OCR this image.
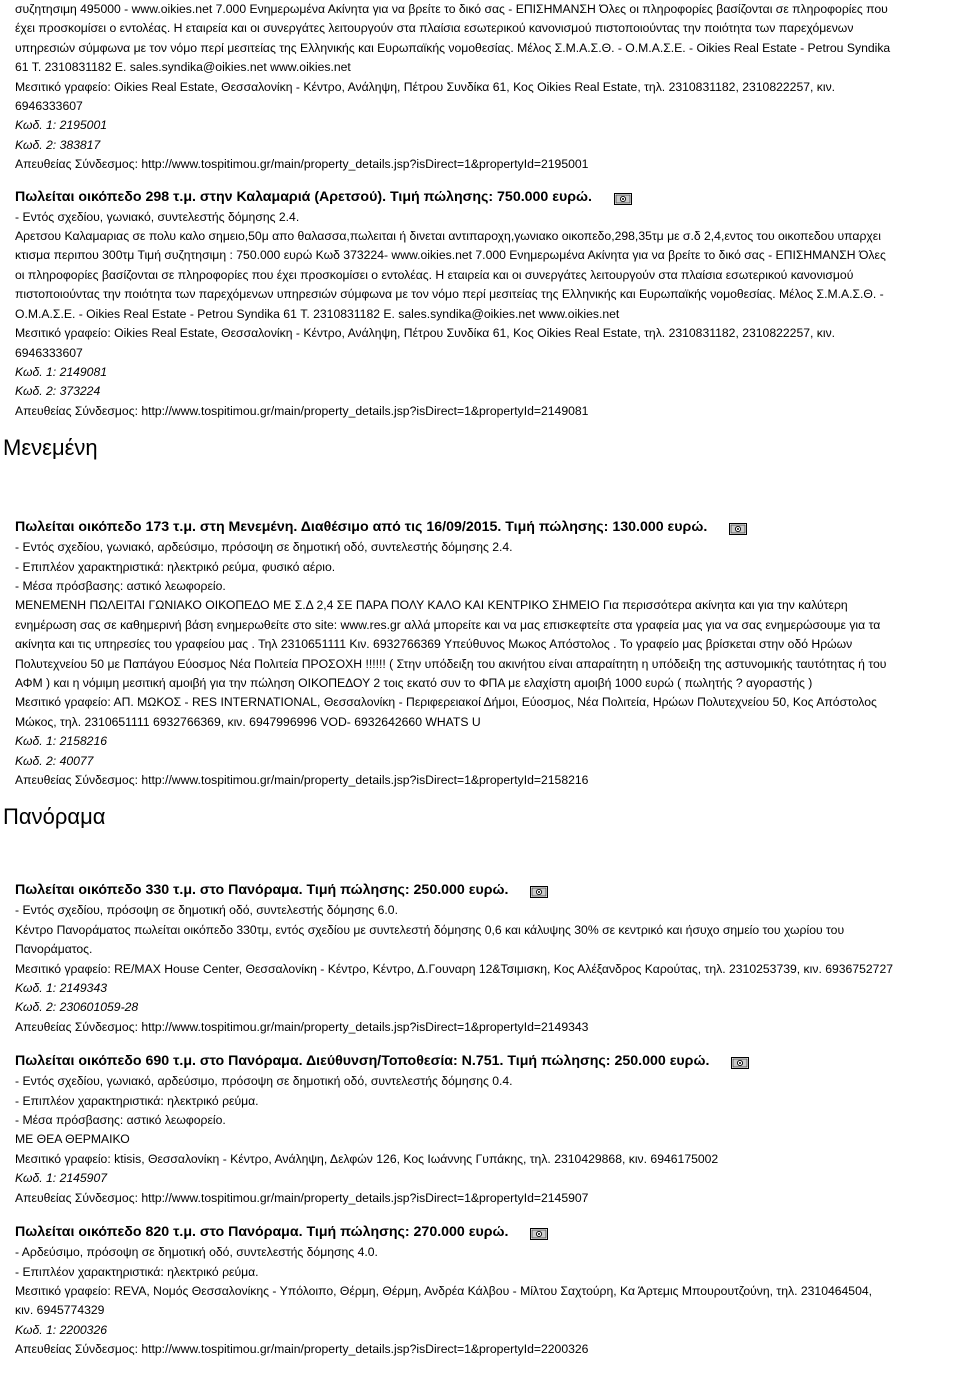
συζητησιμη 495000 - www.oikies.net 7.000 Ενημερωμένα Ακίνητα για να βρείτε το δικό σας - ΕΠΙΣΗΜΑΝΣΗ Όλες οι πληροφορίες βασίζονται σε πληροφορίες που
έχει προσκομίσει ο εντολέας. Η εταιρεία και οι συνεργάτες λειτουργούν στα πλαίσια εσωτερικού κανονισμού πιστοποιούντας την ποιότητα των παρεχόμενων
υπηρεσιών σύμφωνα με τον νόμο περί μεσιτείας της Ελληνικής και Ευρωπαϊκής νομοθεσίας. Μέλος Σ.Μ.Α.Σ.Θ. - Ο.Μ.Α.Σ.Ε. - Oikies Real Estate - Petrou Syndika
61 Τ. 2310831182 E. sales.syndika@oikies.net www.oikies.net
Μεσιτικό γραφείο: Oikies Real Estate, Θεσσαλονίκη - Κέντρο, Ανάληψη, Πέτρου Συνδίκα 61, Κος Oikies Real Estate, τηλ. 2310831182, 2310822257, κιν.
6946333607
Κωδ. 1: 2195001
Κωδ. 2: 383817
Απευθείας Σύνδεσμος: http://www.tospitimou.gr/main/property_details.jsp?isDirect=1&propertyId=2195001
Πωλείται οικόπεδο 298 τ.μ. στην Καλαμαριά (Αρετσού). Τιμή πώλησης: 750.000 ευρώ.
- Εντός σχεδίου, γωνιακό, συντελεστής δόμησης 2.4.
Αρετσου Καλαμαριας σε πολυ καλο σημειο,50μ απο θαλασσα,πωλειται ή δινεται αντιπαροχη,γωνιακο οικοπεδο,298,35τμ με σ.δ 2,4,εντος του οικοπεδου υπαρχει
κτισμα περιπου 300τμ Τιμή συζητησιμη : 750.000 ευρώ Κωδ 373224- www.oikies.net 7.000 Ενημερωμένα Ακίνητα για να βρείτε το δικό σας - ΕΠΙΣΗΜΑΝΣΗ Όλες
οι πληροφορίες βασίζονται σε πληροφορίες που έχει προσκομίσει ο εντολέας. Η εταιρεία και οι συνεργάτες λειτουργούν στα πλαίσια εσωτερικού κανονισμού
πιστοποιούντας την ποιότητα των παρεχόμενων υπηρεσιών σύμφωνα με τον νόμο περί μεσιτείας της Ελληνικής και Ευρωπαϊκής νομοθεσίας. Μέλος Σ.Μ.Α.Σ.Θ. -
Ο.Μ.Α.Σ.Ε. - Oikies Real Estate - Petrou Syndika 61 Τ. 2310831182 E. sales.syndika@oikies.net www.oikies.net
Μεσιτικό γραφείο: Oikies Real Estate, Θεσσαλονίκη - Κέντρο, Ανάληψη, Πέτρου Συνδίκα 61, Κος Oikies Real Estate, τηλ. 2310831182, 2310822257, κιν.
6946333607
Κωδ. 1: 2149081
Κωδ. 2: 373224
Απευθείας Σύνδεσμος: http://www.tospitimou.gr/main/property_details.jsp?isDirect=1&propertyId=2149081
Μενεμένη
Πωλείται οικόπεδο 173 τ.μ. στη Μενεμένη. Διαθέσιμο από τις 16/09/2015. Τιμή πώλησης: 130.000 ευρώ.
- Εντός σχεδίου, γωνιακό, αρδεύσιμο, πρόσοψη σε δημοτική οδό, συντελεστής δόμησης 2.4.
- Επιπλέον χαρακτηριστικά: ηλεκτρικό ρεύμα, φυσικό αέριο.
- Μέσα πρόσβασης: αστικό λεωφορείο.
ΜΕΝΕΜΕΝΗ ΠΩΛΕΙΤΑΙ ΓΩΝΙΑΚΟ ΟΙΚΟΠΕΔΟ ΜΕ Σ.Δ 2,4 ΣΕ ΠΑΡΑ ΠΟΛΥ ΚΑΛΟ ΚΑΙ ΚΕΝΤΡΙΚΟ ΣΗΜΕΙΟ Για περισσότερα ακίνητα και για την καλύτερη
ενημέρωση σας σε καθημερινή βάση ενημερωθείτε στο site: www.res.gr αλλά μπορείτε και να μας επισκεφτείτε στα γραφεία μας για να σας ενημερώσουμε για τα
ακίνητα και τις υπηρεσίες του γραφείου μας . Τηλ 2310651111 Κιν. 6932766369 Υπεύθυνος Μωκος Απόστολος . Το γραφείο μας βρίσκεται στην οδό Ηρώων
Πολυτεχνείου 50 με Παπάγου Εύοσμος Νέα Πολιτεία ΠΡΟΣΟΧΗ !!!!!! ( Στην υπόδειξη του ακινήτου είναι απαραίτητη η υπόδειξη της αστυνομικής ταυτότητας ή του
ΑΦΜ ) και η νόμιμη μεσιτική αμοιβή για την πώληση ΟΙΚΟΠΕΔΟΥ 2 τοις εκατό συν το ΦΠΑ με ελαχίστη αμοιβή 1000 ευρώ ( πωλητής ? αγοραστής )
Μεσιτικό γραφείο: ΑΠ. ΜΩΚΟΣ - RES INTERNATIONAL, Θεσσαλονίκη - Περιφερειακοί Δήμοι, Εύοσμος, Νέα Πολιτεία, Ηρώων Πολυτεχνείου 50, Κος Απόστολος
Μώκος, τηλ. 2310651111 6932766369, κιν. 6947996996 VOD- 6932642660 WHATS U
Κωδ. 1: 2158216
Κωδ. 2: 40077
Απευθείας Σύνδεσμος: http://www.tospitimou.gr/main/property_details.jsp?isDirect=1&propertyId=2158216
Πανόραμα
Πωλείται οικόπεδο 330 τ.μ. στο Πανόραμα. Τιμή πώλησης: 250.000 ευρώ.
- Εντός σχεδίου, πρόσοψη σε δημοτική οδό, συντελεστής δόμησης 6.0.
Κέντρο Πανοράματος πωλείται οικόπεδο 330τμ, εντός σχεδίου με συντελεστή δόμησης 0,6 και κάλυψης 30% σε κεντρικό και ήσυχο σημείο του χωρίου του
Πανοράματος.
Μεσιτικό γραφείο: RE/MAX House Center, Θεσσαλονίκη - Κέντρο, Κέντρο, Δ.Γουναρη 12&Τσιμισκη, Κος Αλέξανδρος Καρούτας, τηλ. 2310253739, κιν. 6936752727
Κωδ. 1: 2149343
Κωδ. 2: 230601059-28
Απευθείας Σύνδεσμος: http://www.tospitimou.gr/main/property_details.jsp?isDirect=1&propertyId=2149343
Πωλείται οικόπεδο 690 τ.μ. στο Πανόραμα. Διεύθυνση/Τοποθεσία: Ν.751. Τιμή πώλησης: 250.000 ευρώ.
- Εντός σχεδίου, γωνιακό, αρδεύσιμο, πρόσοψη σε δημοτική οδό, συντελεστής δόμησης 0.4.
- Επιπλέον χαρακτηριστικά: ηλεκτρικό ρεύμα.
- Μέσα πρόσβασης: αστικό λεωφορείο.
ΜΕ ΘΕΑ ΘΕΡΜΑΙΚΟ
Μεσιτικό γραφείο: ktisis, Θεσσαλονίκη - Κέντρο, Ανάληψη, Δελφών 126, Κος Ιωάννης Γυπάκης, τηλ. 2310429868, κιν. 6946175002
Κωδ. 1: 2145907
Απευθείας Σύνδεσμος: http://www.tospitimou.gr/main/property_details.jsp?isDirect=1&propertyId=2145907
Πωλείται οικόπεδο 820 τ.μ. στο Πανόραμα. Τιμή πώλησης: 270.000 ευρώ.
- Αρδεύσιμο, πρόσοψη σε δημοτική οδό, συντελεστής δόμησης 4.0.
- Επιπλέον χαρακτηριστικά: ηλεκτρικό ρεύμα.
Μεσιτικό γραφείο: REVA, Νομός Θεσσαλονίκης - Υπόλοιπο, Θέρμη, Θέρμη, Ανδρέα Κάλβου - Μίλτου Σαχτούρη, Κα Άρτεμις Μπουρουτζούνη, τηλ. 2310464504,
κιν. 6945774329
Κωδ. 1: 2200326
Απευθείας Σύνδεσμος: http://www.tospitimou.gr/main/property_details.jsp?isDirect=1&propertyId=2200326
